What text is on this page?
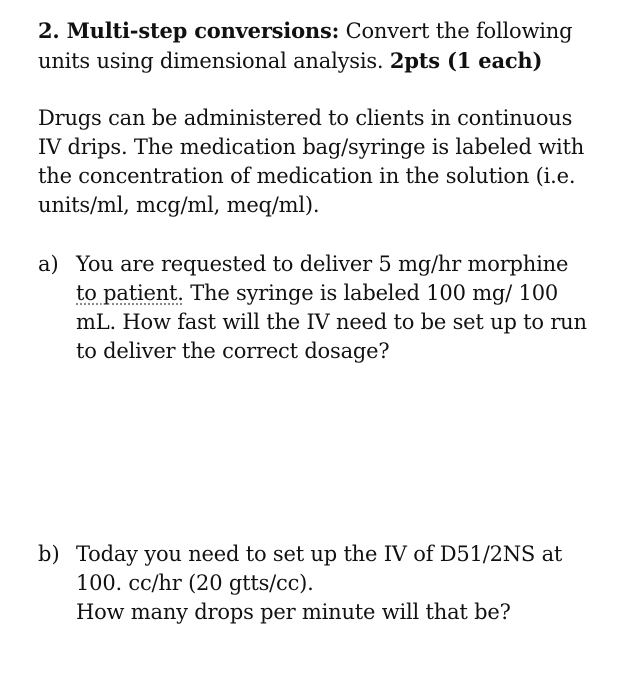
2. Multi-step conversions: Convert the following
units using dimensional analysis. 2pts (1 each)
Drugs can be administered to clients in continuous
IV drips. The medication bag/syringe is labeled with
the concentration of medication in the solution (i.e.
units/ml, mcg/ml, meq/ml).
a) You are requested to deliver 5 mg/hr morphine
to patient. The syringe is labeled 100 mg/ 100
mL. How fast will the IV need to be set up to run
to deliver the correct dosage?
b) Today you need to set up the IV of D51/2NS at
100. cc/hr (20 gtts/cc).
How many drops per minute will that be?
